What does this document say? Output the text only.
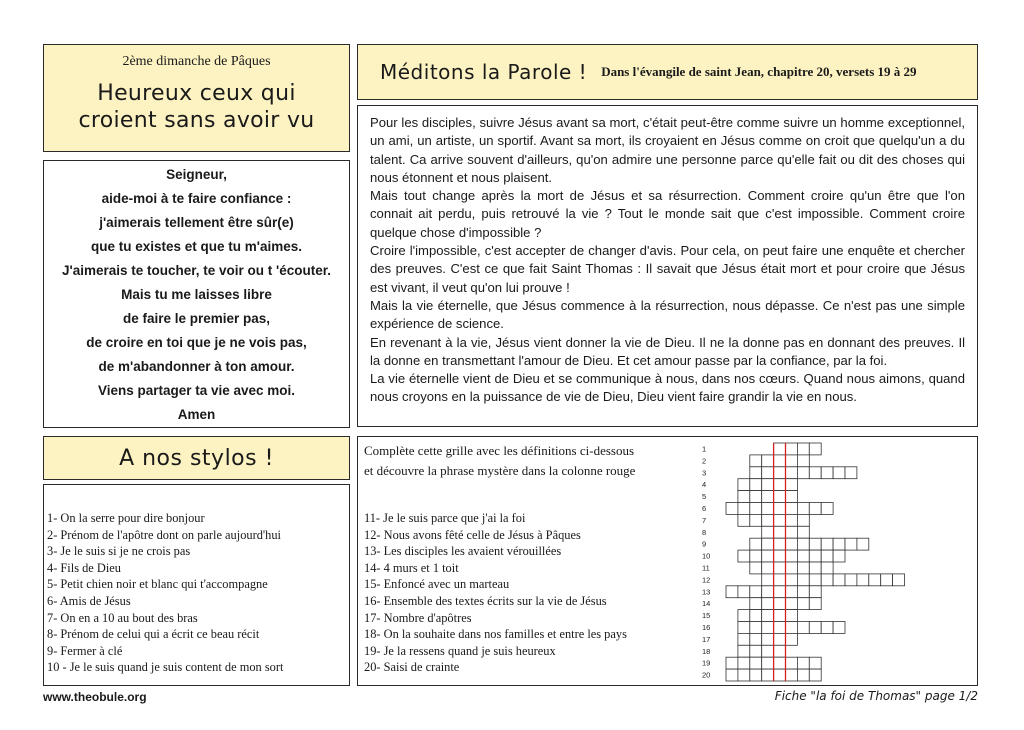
2ème dimanche de Pâques
Heureux ceux qui
croient sans avoir vu
Seigneur,
aide-moi à te faire confiance :
j'aimerais tellement être sûr(e)
que tu existes et que tu m'aimes.
J'aimerais te toucher, te voir ou t 'écouter.
Mais tu me laisses libre
de faire le premier pas,
de croire en toi que je ne vois pas,
de m'abandonner à ton amour.
Viens partager ta vie avec moi.
Amen
Méditons la Parole ! Dans l'évangile de saint Jean, chapitre 20, versets 19 à 29

Pour les disciples, suivre Jésus avant sa mort, c'était peut-être comme suivre un homme exceptionnel, un ami, un artiste, un sportif. Avant sa mort, ils croyaient en Jésus comme on croit que quelqu'un a du talent. Ca arrive souvent d'ailleurs, qu'on admire une personne parce qu'elle fait ou dit des choses qui nous étonnent et nous plaisent.

Mais tout change après la mort de Jésus et sa résurrection. Comment croire qu'un être que l'on connait ait perdu, puis retrouvé la vie ? Tout le monde sait que c'est impossible. Comment croire quelque chose d'impossible ?

Croire l'impossible, c'est accepter de changer d'avis. Pour cela, on peut faire une enquête et chercher des preuves. C'est ce que fait Saint Thomas : Il savait que Jésus était mort et pour croire que Jésus est vivant, il veut qu'on lui prouve !

Mais la vie éternelle, que Jésus commence à la résurrection, nous dépasse. Ce n'est pas une simple expérience de science.

En revenant à la vie, Jésus vient donner la vie de Dieu. Il ne la donne pas en donnant des preuves. Il la donne en transmettant l'amour de Dieu. Et cet amour passe par la confiance, par la foi.

La vie éternelle vient de Dieu et se communique à nous, dans nos cœurs. Quand nous aimons, quand nous croyons en la puissance de vie de Dieu, Dieu vient faire grandir la vie en nous.

A nos stylos !	Complète cette grille avec les définitions ci-dessous
et découvre la phrase mystère dans la colonne rouge
1- On la serre pour dire bonjour
2- Prénom de l'apôtre dont on parle aujourd'hui
3- Je le suis si je ne crois pas
4- Fils de Dieu
5- Petit chien noir et blanc qui t'accompagne
6- Amis de Jésus
7- On en a 10 au bout des bras
8- Prénom de celui qui a écrit ce beau récit
9- Fermer à clé
10 - Je le suis quand je suis content de mon sort
11- Je le suis parce que j'ai la foi
12- Nous avons fêté celle de Jésus à Pâques
13- Les disciples les avaient vérouillées
14- 4 murs et 1 toit
15- Enfoncé avec un marteau
16- Ensemble des textes écrits sur la vie de Jésus
17- Nombre d'apôtres
18- On la souhaite dans nos familles et entre les pays
19- Je la ressens quand je suis heureux
20- Saisi de crainte
1
2
3
4
5
6
7
8
9
10
11
12
13
14
15
16
17
18
19
20
www.theobule.org	Fiche "la foi de Thomas" page 1/2
